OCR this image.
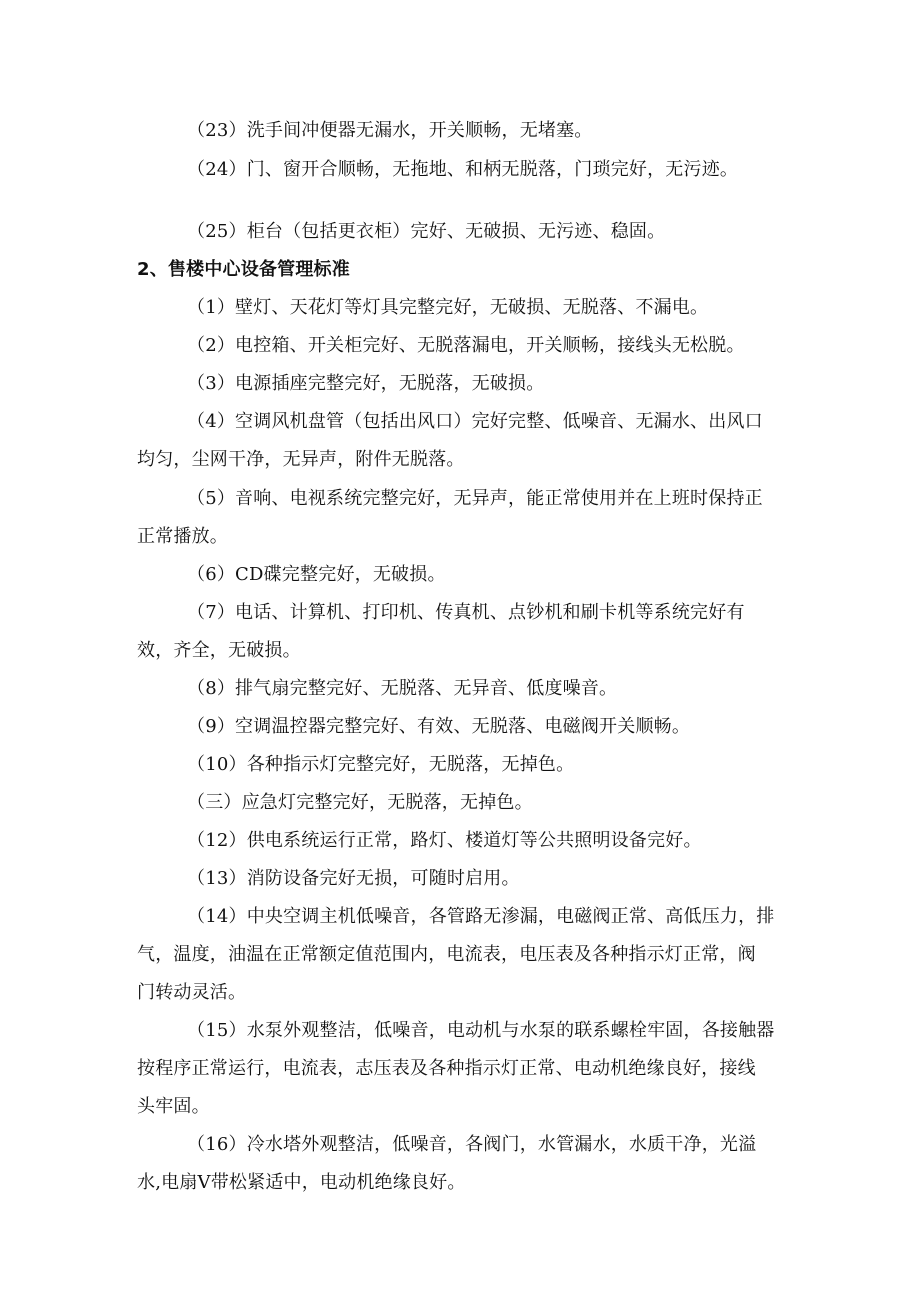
（23）洗手间冲便器无漏水，开关顺畅，无堵塞。
（24）门、窗开合顺畅，无拖地、和柄无脱落，门琐完好，无污迹。
（25）柜台（包括更衣柜）完好、无破损、无污迹、稳固。
2、售楼中心设备管理标准
（1）壁灯、天花灯等灯具完整完好，无破损、无脱落、不漏电。
（2）电控箱、开关柜完好、无脱落漏电，开关顺畅，接线头无松脱。
（3）电源插座完整完好，无脱落，无破损。
（4）空调风机盘管（包括出风口）完好完整、低噪音、无漏水、出风口
均匀，尘网干净，无异声，附件无脱落。
（5）音响、电视系统完整完好，无异声，能正常使用并在上班时保持正
正常播放。
（6）CD碟完整完好，无破损。
（7）电话、计算机、打印机、传真机、点钞机和刷卡机等系统完好有
效，齐全，无破损。
（8）排气扇完整完好、无脱落、无异音、低度噪音。
（9）空调温控器完整完好、有效、无脱落、电磁阀开关顺畅。
（10）各种指示灯完整完好，无脱落，无掉色。
（三）应急灯完整完好，无脱落，无掉色。
（12）供电系统运行正常，路灯、楼道灯等公共照明设备完好。
（13）消防设备完好无损，可随时启用。
（14）中央空调主机低噪音，各管路无渗漏，电磁阀正常、高低压力，排
气，温度，油温在正常额定值范围内，电流表，电压表及各种指示灯正常，阀
门转动灵活。
（15）水泵外观整洁，低噪音，电动机与水泵的联系螺栓牢固，各接触器
按程序正常运行，电流表，志压表及各种指示灯正常、电动机绝缘良好，接线
头牢固。
（16）冷水塔外观整洁，低噪音，各阀门，水管漏水，水质干净，光溢
水,电扇V带松紧适中，电动机绝缘良好。
